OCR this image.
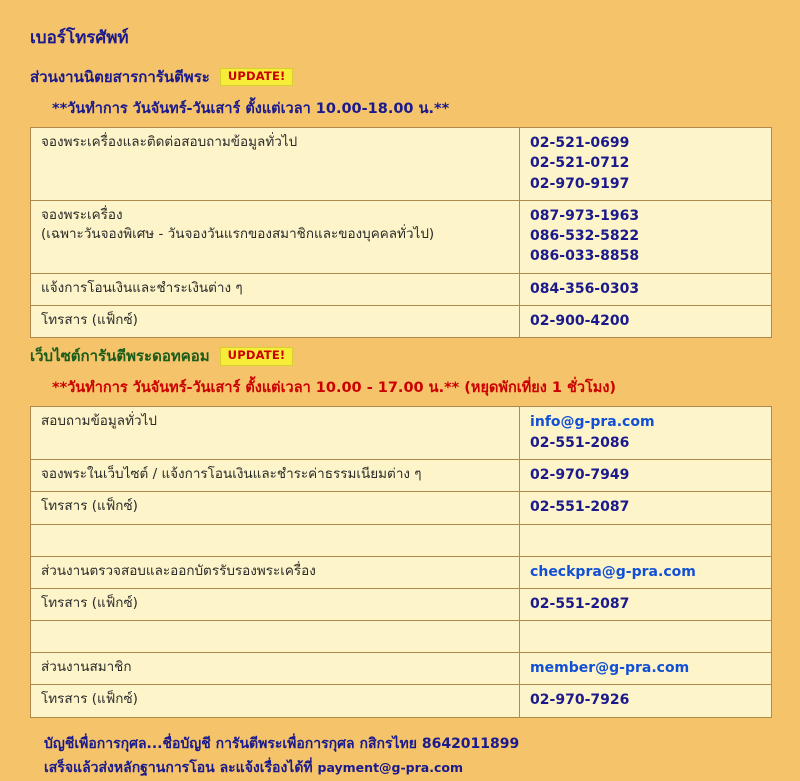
เบอร์โทรศัพท์
ส่วนงานนิตยสารการันตีพระ	UPDATE!
**วันทำการ วันจันทร์-วันเสาร์ ตั้งแต่เวลา 10.00-18.00 น.**
จองพระเครื่องและติดต่อสอบถามข้อมูลทั่วไป	02-521-0699
02-521-0712
02-970-9197

จองพระเครื่อง
(เฉพาะวันจองพิเศษ - วันจองวันแรกของสมาชิกและของบุคคลทั่วไป)	087-973-1963
086-532-5822
086-033-8858

แจ้งการโอนเงินและชำระเงินต่าง ๆ	084-356-0303

โทรสาร (แฟ็กซ์)	02-900-4200
เว็บไซต์การันตีพระดอทคอม	UPDATE!
**วันทำการ วันจันทร์-วันเสาร์ ตั้งแต่เวลา 10.00 - 17.00 น.** (หยุดพักเที่ยง 1 ชั่วโมง)
สอบถามข้อมูลทั่วไป	info@g-pra.com
02-551-2086

จองพระในเว็บไซต์ / แจ้งการโอนเงินและชำระค่าธรรมเนียมต่าง ๆ	02-970-7949

โทรสาร (แฟ็กซ์)	02-551-2087

ส่วนงานตรวจสอบและออกบัตรรับรองพระเครื่อง	checkpra@g-pra.com

โทรสาร (แฟ็กซ์)	02-551-2087

ส่วนงานสมาชิก	member@g-pra.com

โทรสาร (แฟ็กซ์)	02-970-7926
บัญชีเพื่อการกุศล...ชื่อบัญชี การันตีพระเพื่อการกุศล กสิกรไทย 8642011899
เสร็จแล้วส่งหลักฐานการโอน ละแจ้งเรื่องได้ที่ payment@g-pra.com
